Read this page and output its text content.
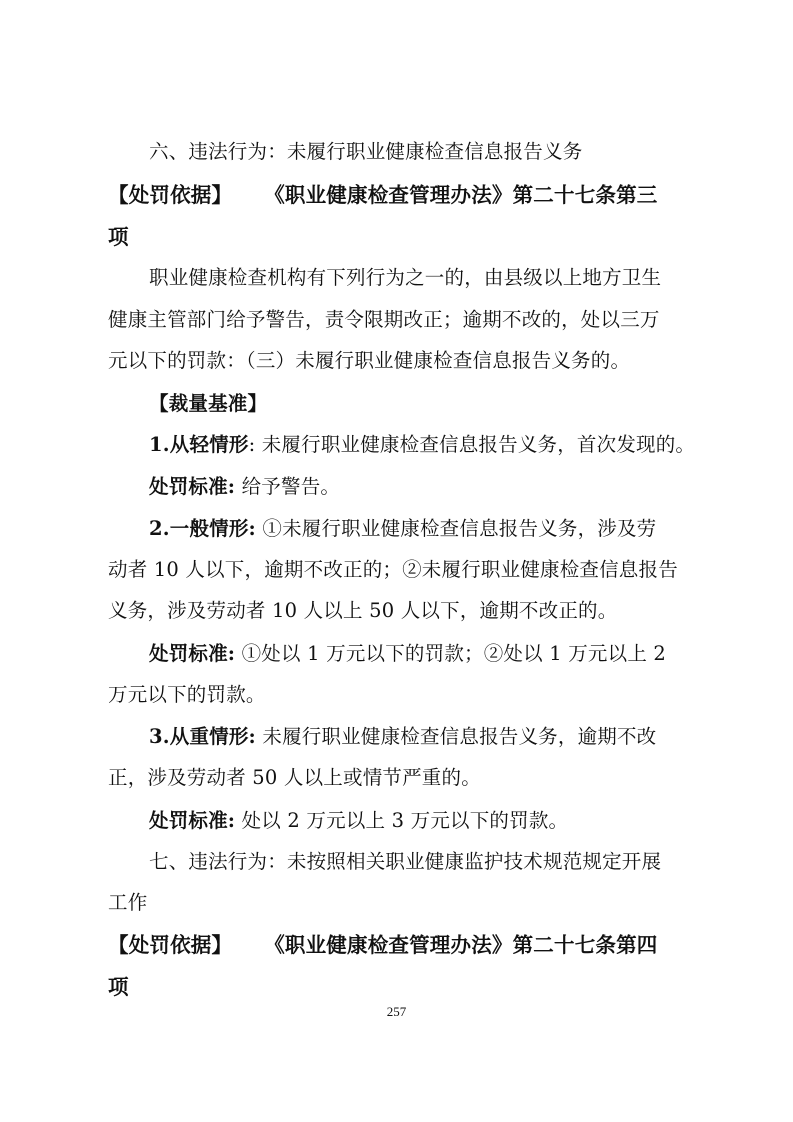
六、违法行为：未履行职业健康检查信息报告义务
【处罚依据】 《职业健康检查管理办法》第二十七条第三
项
职业健康检查机构有下列行为之一的，由县级以上地方卫生
健康主管部门给予警告，责令限期改正；逾期不改的，处以三万
元以下的罚款：（三）未履行职业健康检查信息报告义务的。
【裁量基准】
1.从轻情形: 未履行职业健康检查信息报告义务，首次发现的。
处罚标准: 给予警告。
2.一般情形: ①未履行职业健康检查信息报告义务，涉及劳
动者 10 人以下，逾期不改正的；②未履行职业健康检查信息报告
义务，涉及劳动者 10 人以上 50 人以下，逾期不改正的。
处罚标准: ①处以 1 万元以下的罚款；②处以 1 万元以上 2
万元以下的罚款。
3.从重情形: 未履行职业健康检查信息报告义务，逾期不改
正，涉及劳动者 50 人以上或情节严重的。
处罚标准: 处以 2 万元以上 3 万元以下的罚款。
七、违法行为：未按照相关职业健康监护技术规范规定开展
工作
【处罚依据】 《职业健康检查管理办法》第二十七条第四
项
257
